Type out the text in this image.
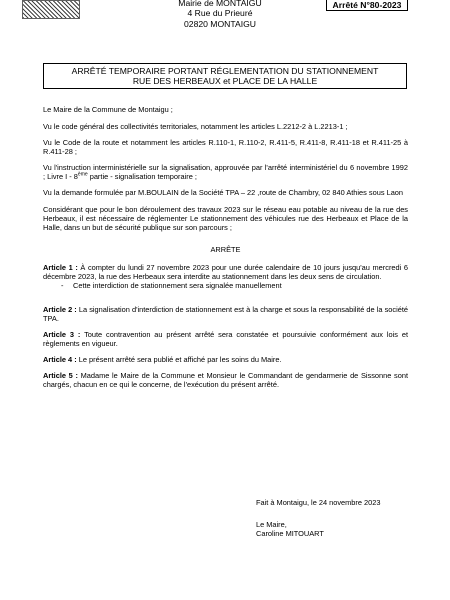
Mairie de MONTAIGU
4 Rue du Prieuré
02820 MONTAIGU
Arrêté N°80-2023
ARRÊTÉ TEMPORAIRE PORTANT RÉGLEMENTATION DU STATIONNEMENT
RUE DES HERBEAUX et PLACE DE LA HALLE

Le Maire de la Commune de Montaigu ;

Vu le code général des collectivités territoriales, notamment les articles L.2212-2 à L.2213-1 ;

Vu le Code de la route et notamment les articles R.110-1, R.110-2, R.411-5, R.411-8, R.411-18 et R.411-25 à R.411-28 ;

Vu l'instruction interministérielle sur la signalisation, approuvée par l'arrêté interministériel du 6 novembre 1992 ; Livre I - 8ème partie - signalisation temporaire ;

Vu la demande formulée par M.BOULAIN de la Société TPA – 22 ,route de Chambry, 02 840 Athies sous Laon

Considérant que pour le bon déroulement des travaux 2023 sur le réseau eau potable au niveau de la rue des Herbeaux, il est nécessaire de réglementer Le stationnement des véhicules rue des Herbeaux et Place de la Halle, dans un but de sécurité publique sur son parcours ;

ARRÊTE

Article 1 : À compter du lundi 27 novembre 2023 pour une durée calendaire de 10 jours jusqu'au mercredi 6 décembre 2023, la rue des Herbeaux sera interdite au stationnement dans les deux sens de circulation.

- Cette interdiction de stationnement sera signalée manuellement

Article 2 : La signalisation d'interdiction de stationnement est à la charge et sous la responsabilité de la société TPA.

Article 3 : Toute contravention au présent arrêté sera constatée et poursuivie conformément aux lois et règlements en vigueur.

Article 4 : Le présent arrêté sera publié et affiché par les soins du Maire.

Article 5 : Madame le Maire de la Commune et Monsieur le Commandant de gendarmerie de Sissonne sont chargés, chacun en ce qui le concerne, de l'exécution du présent arrêté.

Fait à Montaigu, le 24 novembre 2023
Le Maire,
Caroline MITOUART
